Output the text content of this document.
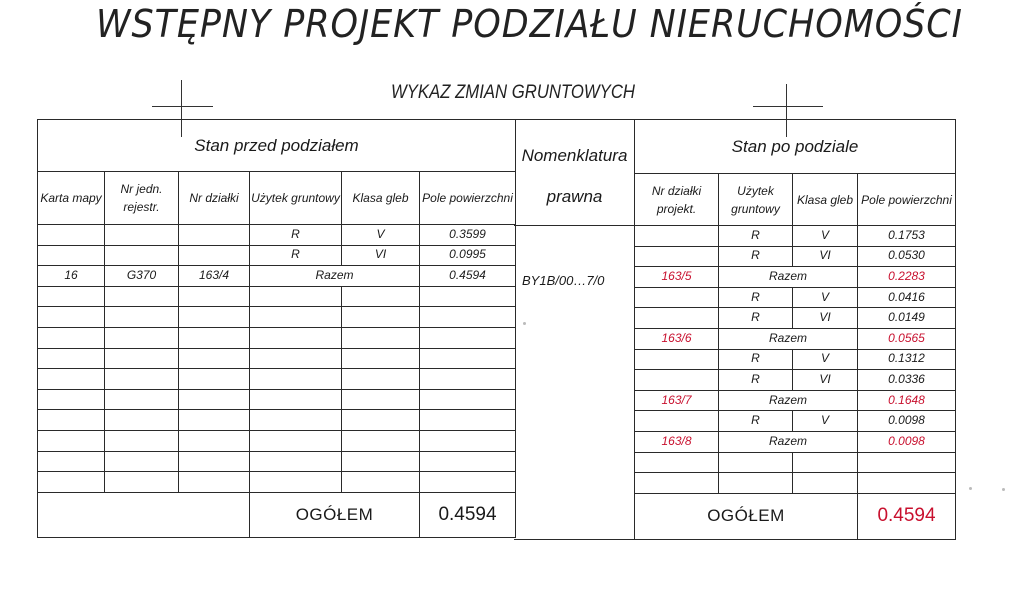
WSTĘPNY PROJEKT PODZIAŁU NIERUCHOMOŚCI
WYKAZ ZMIAN GRUNTOWYCH
Stan przed podziałem					
Karta mapy	Nr jedn. rejestr.	Nr działki	Użytek gruntowy	Klasa gleb	Pole powierzchni
			R	V	0.3599
			R	VI	0.0995
16	G370	163/4	Razem		0.4594

			OGÓŁEM		0.4594
Nomenklatura
prawna
BY1B/00…7/0
Stan po podziale			
Nr działki projekt.	Użytek gruntowy	Klasa gleb	Pole powierzchni
	R	V	0.1753
	R	VI	0.0530
163/5	Razem		0.2283
	R	V	0.0416
	R	VI	0.0149
163/6	Razem		0.0565
	R	V	0.1312
	R	VI	0.0336
163/7	Razem		0.1648
	R	V	0.0098
163/8	Razem		0.0098

OGÓŁEM			0.4594
